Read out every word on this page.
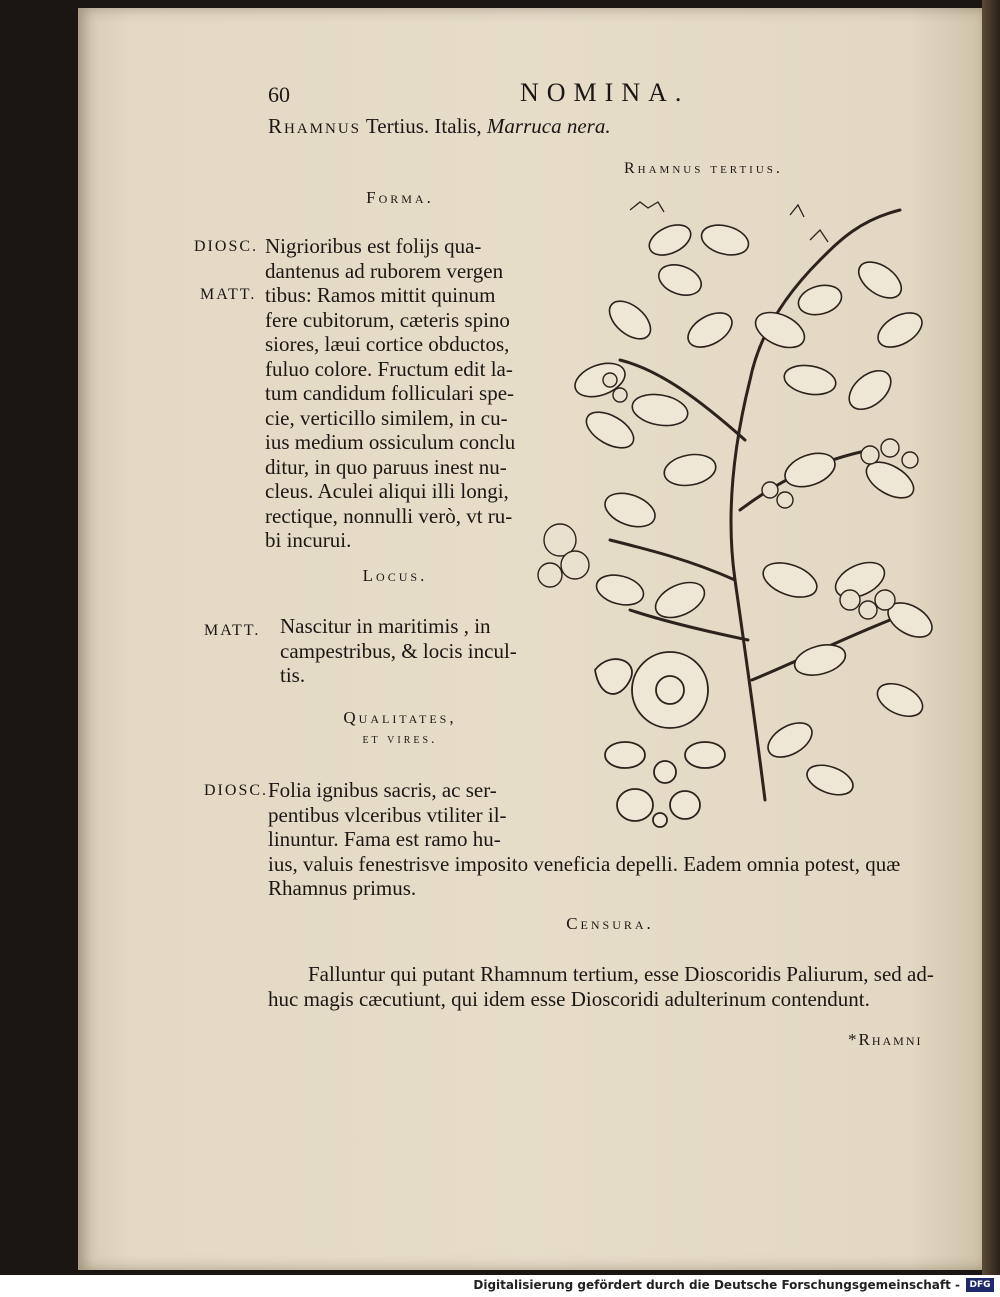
60	NOMINA.
Rhamnus Tertius. Italis, Marruca nera.
Rhamnus tertius.
Forma.
DIOSC.
MATT.
Nigrioribus est folijs qua-
dantenus ad ruborem vergen
tibus: Ramos mittit quinum
fere cubitorum, cæteris spino
siores, læui cortice obductos,
fuluo colore. Fructum edit la-
tum candidum folliculari spe-
cie, verticillo similem, in cu-
ius medium ossiculum conclu
ditur, in quo paruus inest nu-
cleus. Aculei aliqui illi longi,
rectique, nonnulli verò, vt ru-
bi incurui.
Locus.
MATT. Nascitur in maritimis , in
campestribus, & locis incul-
tis.
Qualitates,
et vires.
DIOSC. Folia ignibus sacris, ac ser-
pentibus vlceribus vtiliter il-
linuntur. Fama est ramo hu-
ius, valuis fenestrisve imposito veneficia depelli. Eadem omnia potest, quæ
Rhamnus primus.
Censura.
Falluntur qui putant Rhamnum tertium, esse Dioscoridis Paliurum, sed ad-
huc magis cæcutiunt, qui idem esse Dioscoridi adulterinum contendunt.
*Rhamni
Digitalisierung gefördert durch die Deutsche Forschungsgemeinschaft -	DFG
